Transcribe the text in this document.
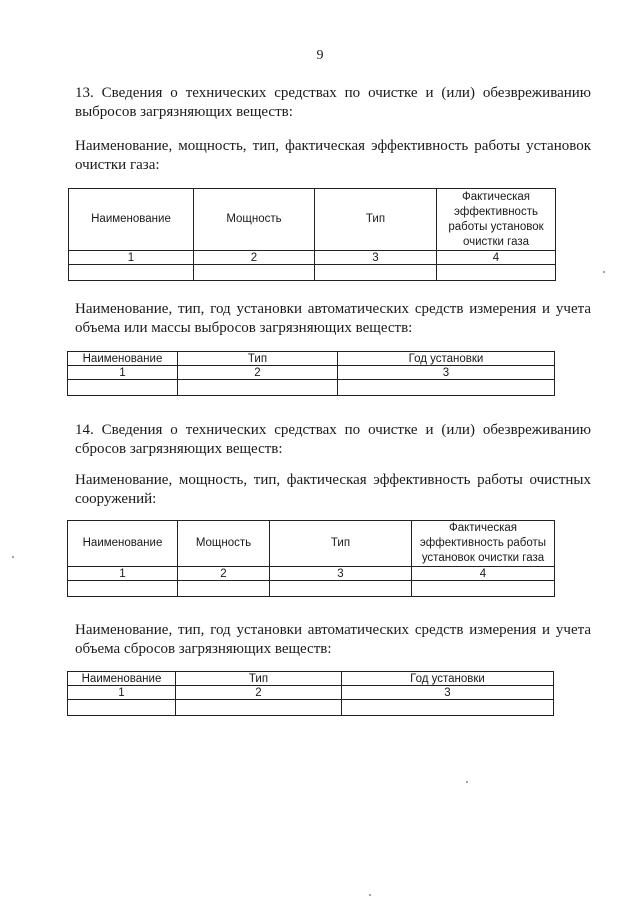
9
13. Сведения о технических средствах по очистке и (или) обезвреживанию выбросов загрязняющих веществ:
Наименование, мощность, тип, фактическая эффективность работы установок очистки газа:
Наименование	Мощность	Тип	Фактическая эффективность работы установок очистки газа
1	2	3	4

Наименование, тип, год установки автоматических средств измерения и учета объема или массы выбросов загрязняющих веществ:
Наименование	Тип	Год установки
1	2	3

14. Сведения о технических средствах по очистке и (или) обезвреживанию сбросов загрязняющих веществ:
Наименование, мощность, тип, фактическая эффективность работы очистных сооружений:
Наименование	Мощность	Тип	Фактическая эффективность работы установок очистки газа
1	2	3	4

Наименование, тип, год установки автоматических средств измерения и учета объема сбросов загрязняющих веществ:
Наименование	Тип	Год установки
1	2	3
